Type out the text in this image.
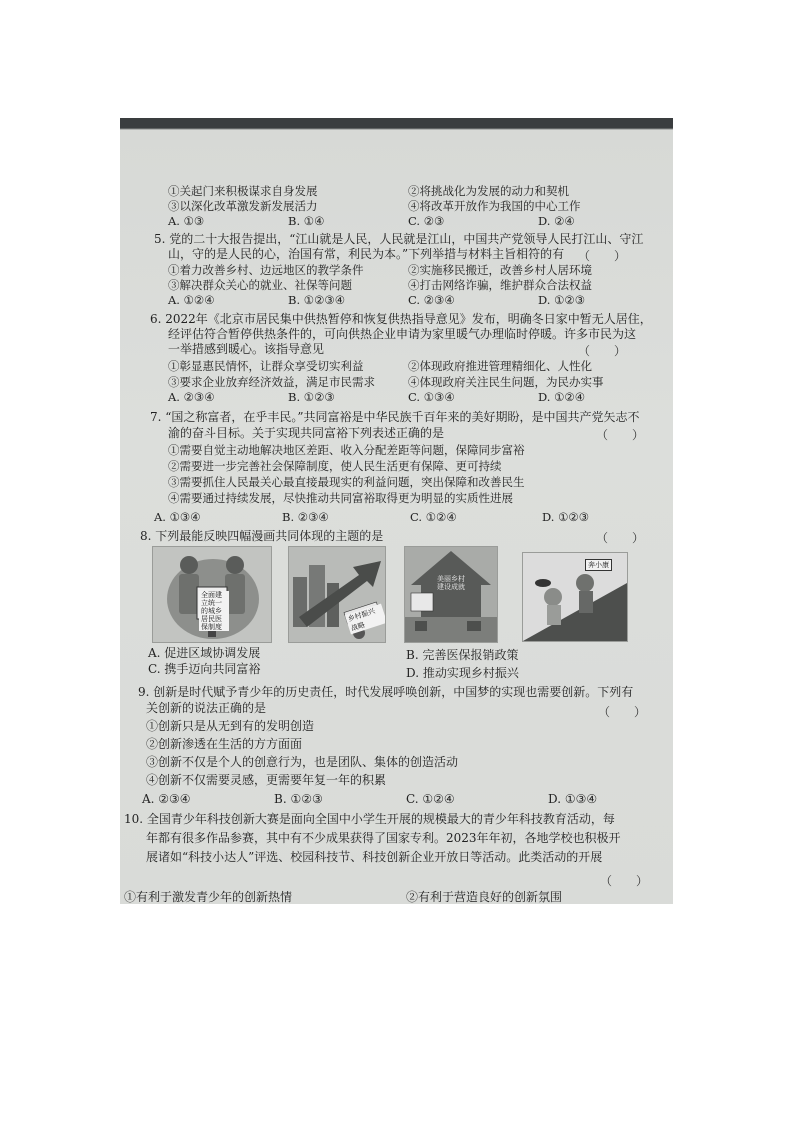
①关起门来积极谋求自身发展	②将挑战化为发展的动力和契机
③以深化改革激发新发展活力	④将改革开放作为我国的中心工作
A. ①③	B. ①④	C. ②③	D. ②④
5. 党的二十大报告提出，“江山就是人民，人民就是江山，中国共产党领导人民打江山、守江
山，守的是人民的心，治国有常，利民为本。”下列举措与材料主旨相符的有 （　　）
①着力改善乡村、边远地区的教学条件	②实施移民搬迁，改善乡村人居环境
③解决群众关心的就业、社保等问题	④打击网络诈骗，维护群众合法权益
A. ①②④	B. ①②③④	C. ②③④	D. ①②③
6. 2022年《北京市居民集中供热暂停和恢复供热指导意见》发布，明确冬日家中暂无人居住，
经评估符合暂停供热条件的，可向供热企业申请为家里暖气办理临时停暖。许多市民为这
一举措感到暖心。该指导意见	（　　）
①彰显惠民情怀，让群众享受切实利益	②体现政府推进管理精细化、人性化
③要求企业放弃经济效益，满足市民需求	④体现政府关注民生问题，为民办实事
A. ②③④	B. ①②③	C. ①③④	D. ①②④
7. “国之称富者，在乎丰民。”共同富裕是中华民族千百年来的美好期盼，是中国共产党矢志不
渝的奋斗目标。关于实现共同富裕下列表述正确的是	（　　）
①需要自觉主动地解决地区差距、收入分配差距等问题，保障同步富裕
②需要进一步完善社会保障制度，使人民生活更有保障、更可持续
③需要抓住人民最关心最直接最现实的利益问题，突出保障和改善民生
④需要通过持续发展，尽快推动共同富裕取得更为明显的实质性进展
A. ①③④	B. ②③④	C. ①②④	D. ①②③
8. 下列最能反映四幅漫画共同体现的主题的是	（　　）
全面建立统一的城乡居民医保制度
乡村振兴战略
美丽乡村建设成就
奔小康
A. 促进区域协调发展	B. 完善医保报销政策
C. 携手迈向共同富裕	D. 推动实现乡村振兴
9. 创新是时代赋予青少年的历史责任，时代发展呼唤创新，中国梦的实现也需要创新。下列有
关创新的说法正确的是	（　　）
①创新只是从无到有的发明创造
②创新渗透在生活的方方面面
③创新不仅是个人的创意行为，也是团队、集体的创造活动
④创新不仅需要灵感，更需要年复一年的积累
A. ②③④	B. ①②③	C. ①②④	D. ①③④
10. 全国青少年科技创新大赛是面向全国中小学生开展的规模最大的青少年科技教育活动，每
年都有很多作品参赛，其中有不少成果获得了国家专利。2023年年初，各地学校也积极开
展诸如“科技小达人”评选、校园科技节、科技创新企业开放日等活动。此类活动的开展
（　　）
①有利于激发青少年的创新热情	②有利于营造良好的创新氛围
